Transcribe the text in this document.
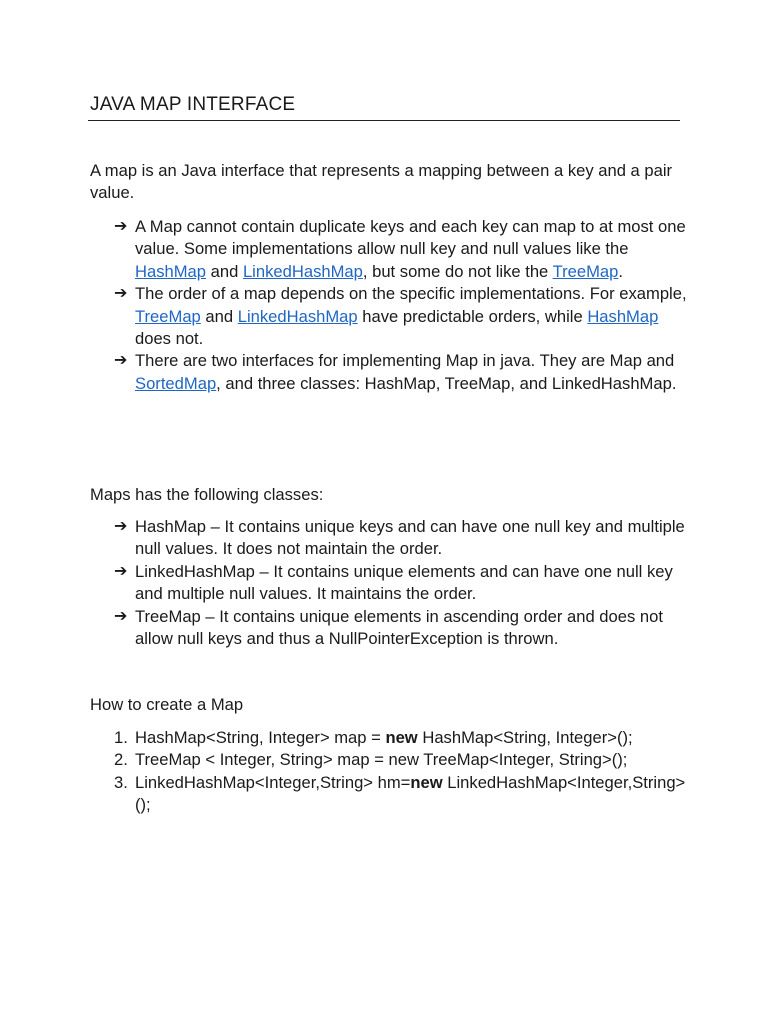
JAVA MAP INTERFACE

A map is an Java interface that represents a mapping between a key and a pair value.

➔ A Map cannot contain duplicate keys and each key can map to at most one value. Some implementations allow null key and null values like the HashMap and LinkedHashMap, but some do not like the TreeMap.
➔ The order of a map depends on the specific implementations. For example, TreeMap and LinkedHashMap have predictable orders, while HashMap does not.
➔ There are two interfaces for implementing Map in java. They are Map and SortedMap, and three classes: HashMap, TreeMap, and LinkedHashMap.

Maps has the following classes:

➔ HashMap – It contains unique keys and can have one null key and multiple null values. It does not maintain the order.
➔ LinkedHashMap – It contains unique elements and can have one null key and multiple null values. It maintains the order.
➔ TreeMap – It contains unique elements in ascending order and does not allow null keys and thus a NullPointerException is thrown.

How to create a Map

1. HashMap<String, Integer> map = new HashMap<String, Integer>();
2. TreeMap < Integer, String> map = new TreeMap<Integer, String>();
3. LinkedHashMap<Integer,String> hm=new LinkedHashMap<Integer,String>();
